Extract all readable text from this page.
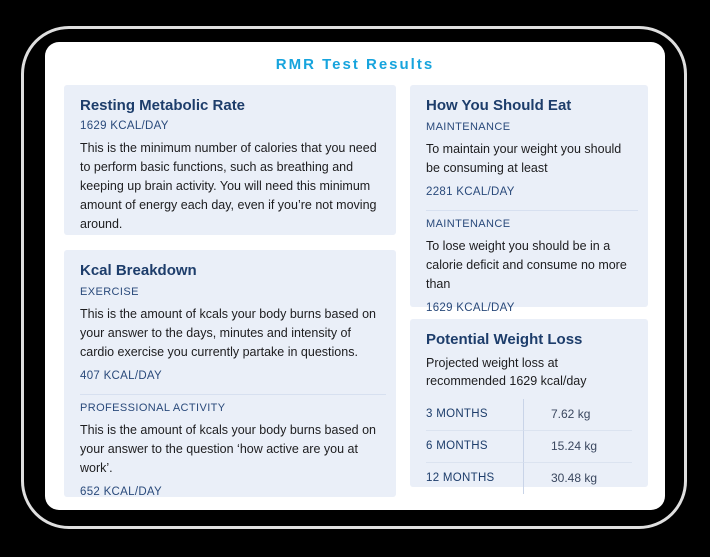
RMR Test Results
Resting Metabolic Rate
1629 KCAL/DAY
This is the minimum number of calories that you need to perform basic functions, such as breathing and keeping up brain activity. You will need this minimum amount of energy each day, even if you’re not moving around.
Kcal Breakdown
EXERCISE
This is the amount of kcals your body burns based on your answer to the days, minutes and intensity of cardio exercise you currently partake in questions.
407 KCAL/DAY
PROFESSIONAL ACTIVITY
This is the amount of kcals your body burns based on your answer to the question ‘how active are you at work’.
652 KCAL/DAY
How You Should Eat
MAINTENANCE
To maintain your weight you should be consuming at least
2281 KCAL/DAY
MAINTENANCE
To lose weight you should be in a calorie deficit and consume no more than
1629 KCAL/DAY
Potential Weight Loss
Projected weight loss at recommended 1629 kcal/day
3 MONTHS	7.62 kg
6 MONTHS	15.24 kg
12 MONTHS	30.48 kg
